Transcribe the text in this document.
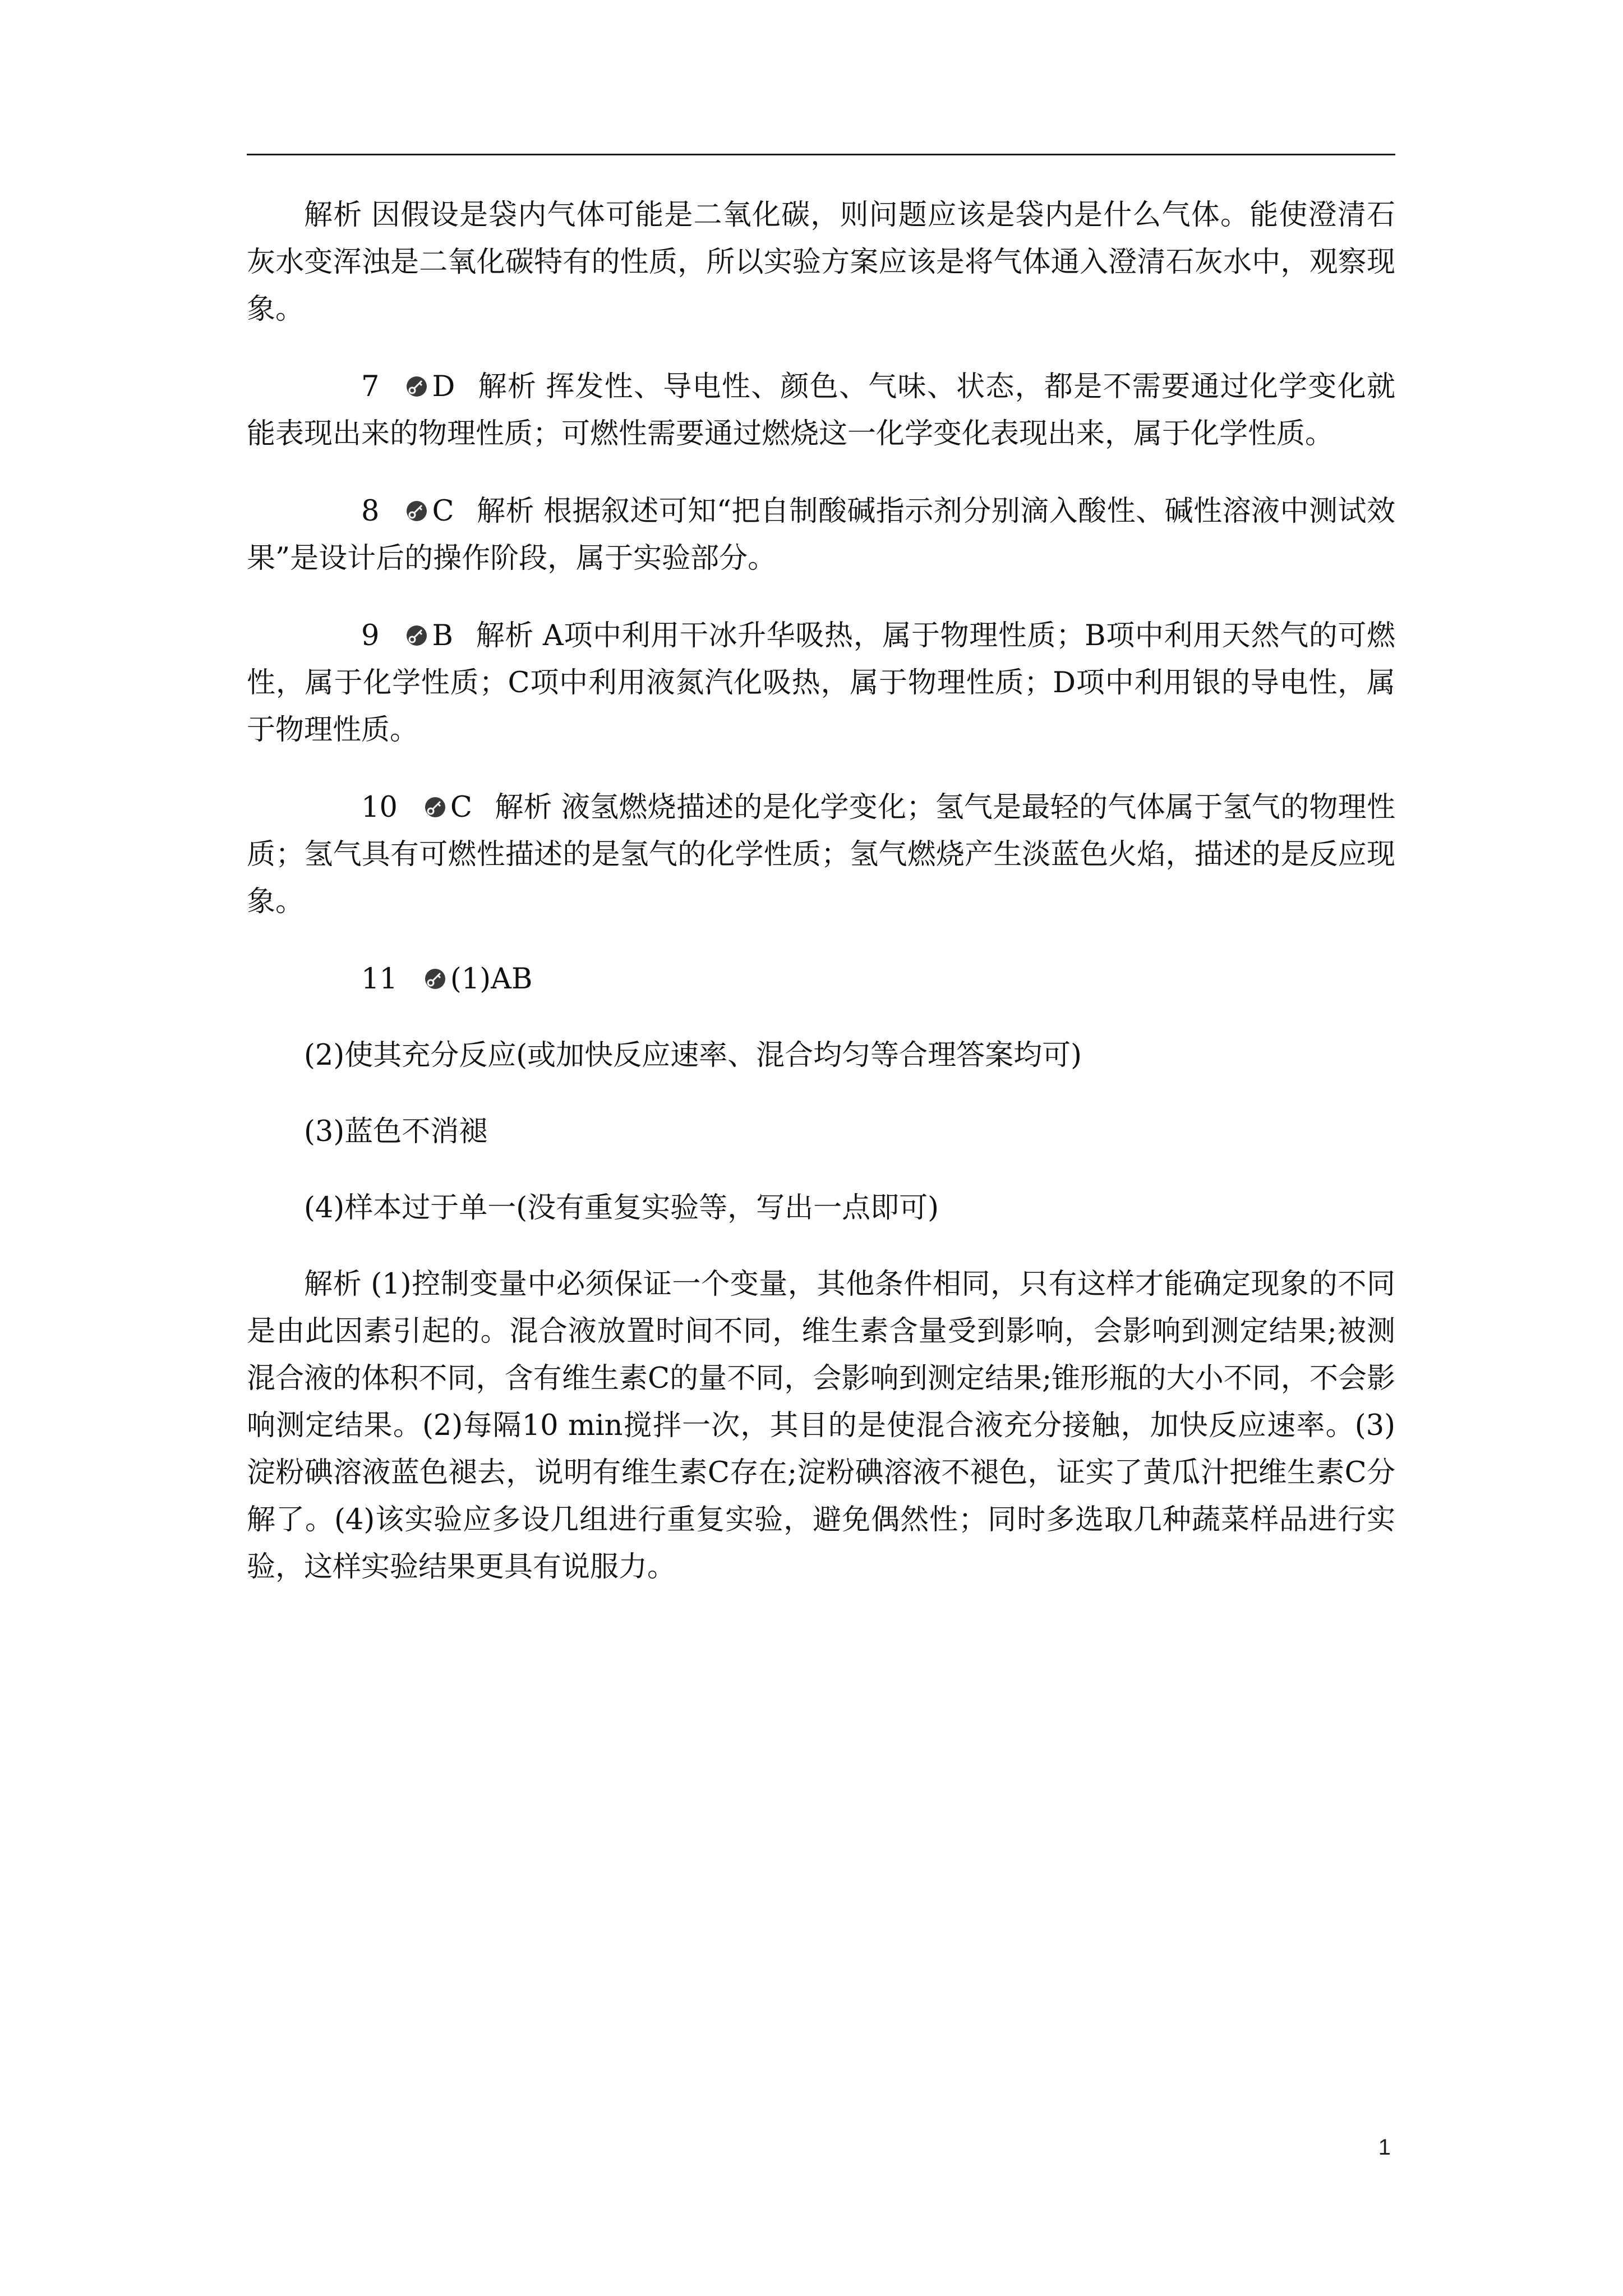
解析 因假设是袋内气体可能是二氧化碳，则问题应该是袋内是什么气体。能使澄清石灰水变浑浊是二氧化碳特有的性质，所以实验方案应该是将气体通入澄清石灰水中，观察现象。

7 D 解析 挥发性、导电性、颜色、气味、状态，都是不需要通过化学变化就能表现出来的物理性质；可燃性需要通过燃烧这一化学变化表现出来，属于化学性质。

8 C 解析 根据叙述可知“把自制酸碱指示剂分别滴入酸性、碱性溶液中测试效果”是设计后的操作阶段，属于实验部分。

9 B 解析 A项中利用干冰升华吸热，属于物理性质；B项中利用天然气的可燃性，属于化学性质；C项中利用液氮汽化吸热，属于物理性质；D项中利用银的导电性，属于物理性质。

10 C 解析 液氢燃烧描述的是化学变化；氢气是最轻的气体属于氢气的物理性质；氢气具有可燃性描述的是氢气的化学性质；氢气燃烧产生淡蓝色火焰，描述的是反应现象。

11 (1)AB

(2)使其充分反应(或加快反应速率、混合均匀等合理答案均可)

(3)蓝色不消褪

(4)样本过于单一(没有重复实验等，写出一点即可)

解析 (1)控制变量中必须保证一个变量，其他条件相同，只有这样才能确定现象的不同是由此因素引起的。混合液放置时间不同，维生素含量受到影响，会影响到测定结果;被测混合液的体积不同，含有维生素C的量不同，会影响到测定结果;锥形瓶的大小不同，不会影响测定结果。(2)每隔10 min搅拌一次，其目的是使混合液充分接触，加快反应速率。(3)淀粉碘溶液蓝色褪去，说明有维生素C存在;淀粉碘溶液不褪色，证实了黄瓜汁把维生素C分解了。(4)该实验应多设几组进行重复实验，避免偶然性；同时多选取几种蔬菜样品进行实验，这样实验结果更具有说服力。

1
